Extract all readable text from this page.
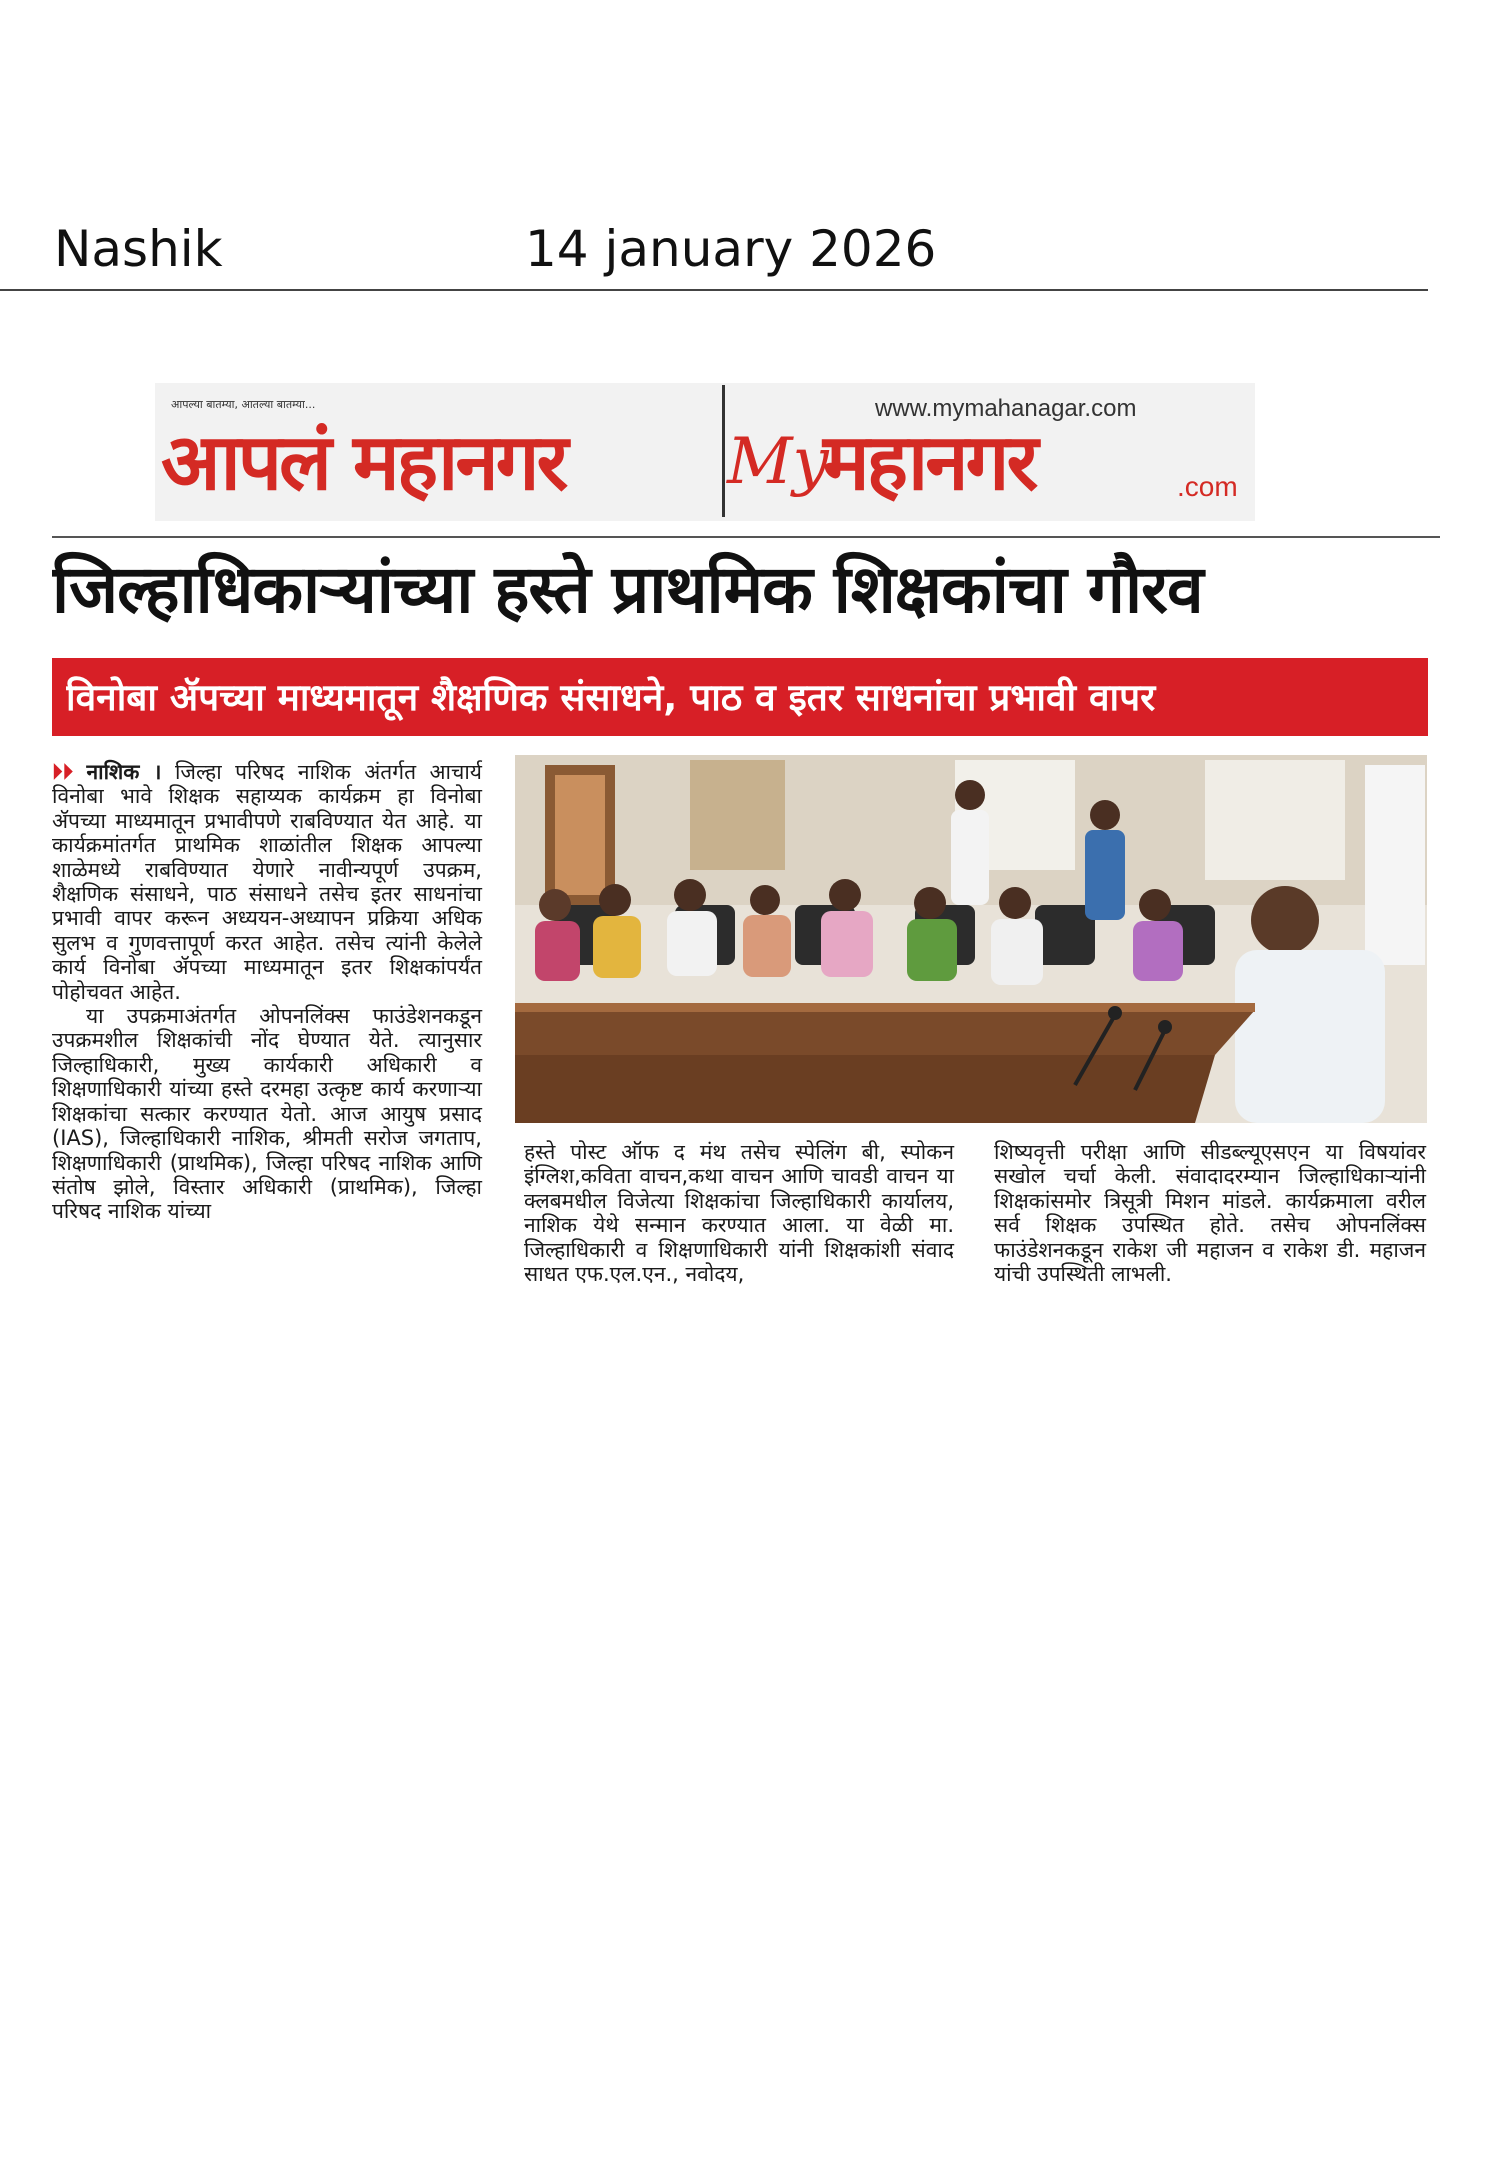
Nashik	14 january 2026
आपल्या बातम्या, आतल्या बातम्या...
आपलं महानगर	My
महानगर	.com
www.mymahanagar.com
जिल्हाधिकाऱ्यांच्या हस्ते प्राथमिक शिक्षकांचा गौरव
विनोबा ॲपच्या माध्यमातून शैक्षणिक संसाधने, पाठ व इतर साधनांचा प्रभावी वापर

⏵⏵ नाशिक । जिल्हा परिषद नाशिक अंतर्गत आचार्य विनोबा भावे शिक्षक सहाय्यक कार्यक्रम हा विनोबा ॲपच्या माध्यमातून प्रभावीपणे राबविण्यात येत आहे. या कार्यक्रमांतर्गत प्राथमिक शाळांतील शिक्षक आपल्या शाळेमध्ये राबविण्यात येणारे नावीन्यपूर्ण उपक्रम, शैक्षणिक संसाधने, पाठ संसाधने तसेच इतर साधनांचा प्रभावी वापर करून अध्ययन-अध्यापन प्रक्रिया अधिक सुलभ व गुणवत्तापूर्ण करत आहेत. तसेच त्यांनी केलेले कार्य विनोबा ॲपच्या माध्यमातून इतर शिक्षकांपर्यंत पोहोचवत आहेत.

या उपक्रमाअंतर्गत ओपनलिंक्स फाउंडेशनकडून उपक्रमशील शिक्षकांची नोंद घेण्यात येते. त्यानुसार जिल्हाधिकारी, मुख्य कार्यकारी अधिकारी व शिक्षणाधिकारी यांच्या हस्ते दरमहा उत्कृष्ट कार्य करणाऱ्या शिक्षकांचा सत्कार करण्यात येतो. आज आयुष प्रसाद (IAS), जिल्हाधिकारी नाशिक, श्रीमती सरोज जगताप, शिक्षणाधिकारी (प्राथमिक), जिल्हा परिषद नाशिक आणि संतोष झोले, विस्तार अधिकारी (प्राथमिक), जिल्हा परिषद नाशिक यांच्या

हस्ते पोस्ट ऑफ द मंथ तसेच स्पेलिंग बी, स्पोकन इंग्लिश,कविता वाचन,कथा वाचन आणि चावडी वाचन या क्लबमधील विजेत्या शिक्षकांचा जिल्हाधिकारी कार्यालय, नाशिक येथे सन्मान करण्यात आला. या वेळी मा. जिल्हाधिकारी व शिक्षणाधिकारी यांनी शिक्षकांशी संवाद साधत एफ.एल.एन., नवोदय,
शिष्यवृत्ती परीक्षा आणि सीडब्ल्यूएसएन या विषयांवर सखोल चर्चा केली. संवादादरम्यान जिल्हाधिकाऱ्यांनी शिक्षकांसमोर त्रिसूत्री मिशन मांडले. कार्यक्रमाला वरील सर्व शिक्षक उपस्थित होते. तसेच ओपनलिंक्स फाउंडेशनकडून राकेश जी महाजन व राकेश डी. महाजन यांची उपस्थिती लाभली.
